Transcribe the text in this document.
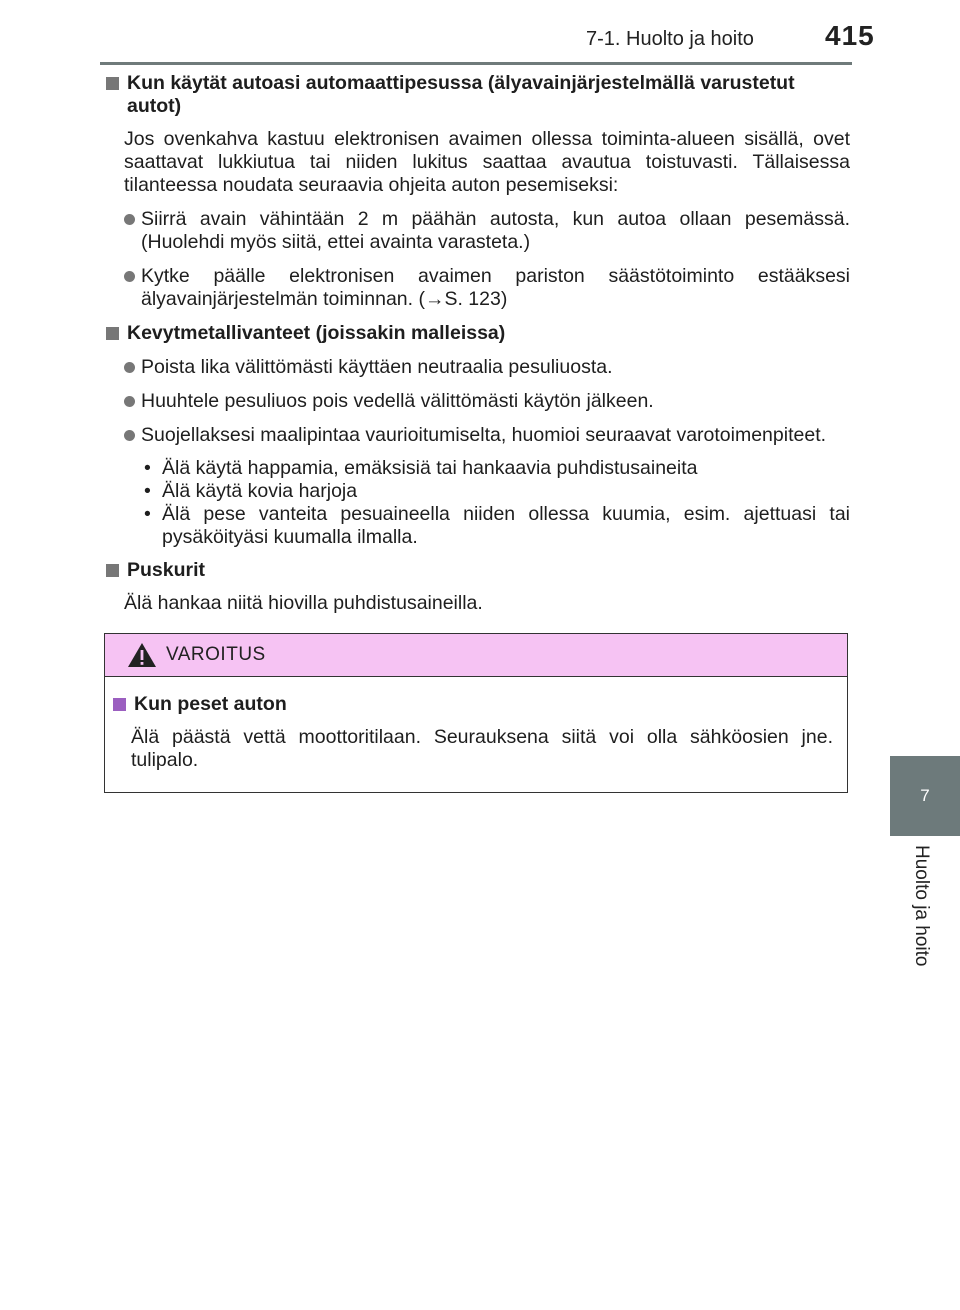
7-1. Huolto ja hoito	415
7
Huolto ja hoito
Kun käytät autoasi automaattipesussa (älyavainjärjestelmällä varustetut autot)
Jos ovenkahva kastuu elektronisen avaimen ollessa toiminta-alueen sisällä, ovet saattavat lukkiutua tai niiden lukitus saattaa avautua toistuvasti. Tällaisessa tilanteessa noudata seuraavia ohjeita auton pesemiseksi:
Siirrä avain vähintään 2 m päähän autosta, kun autoa ollaan pesemässä. (Huolehdi myös siitä, ettei avainta varasteta.)
Kytke päälle elektronisen avaimen pariston säästötoiminto estääksesi älyavainjärjestelmän toiminnan. (→S. 123)
Kevytmetallivanteet (joissakin malleissa)
Poista lika välittömästi käyttäen neutraalia pesuliuosta.
Huuhtele pesuliuos pois vedellä välittömästi käytön jälkeen.
Suojellaksesi maalipintaa vaurioitumiselta, huomioi seuraavat varotoimenpiteet.
• Älä käytä happamia, emäksisiä tai hankaavia puhdistusaineita
• Älä käytä kovia harjoja
• Älä pese vanteita pesuaineella niiden ollessa kuumia, esim. ajettuasi tai pysäköityäsi kuumalla ilmalla.
Puskurit
Älä hankaa niitä hiovilla puhdistusaineilla.
VAROITUS
Kun peset auton
Älä päästä vettä moottoritilaan. Seurauksena siitä voi olla sähköosien jne. tulipalo.
